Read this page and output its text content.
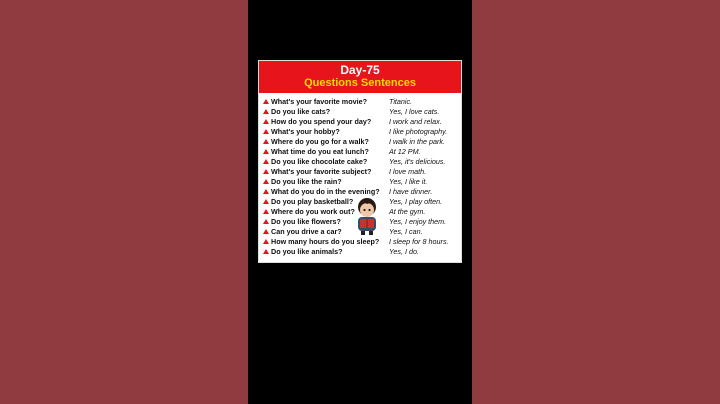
Day-75
Questions Sentences
What's your favorite movie?	Titanic.
Do you like cats?	Yes, I love cats.
How do you spend your day? I work and relax.
What's your hobby?	I like photography.
Where do you go for a walk?	I walk in the park.
What time do you eat lunch?	At 12 PM.
Do you like chocolate cake?	Yes, it's delicious.
What's your favorite subject? I love math.
Do you like the rain?	Yes, I like it.
What do you do in the evening? I have dinner.
Do you play basketball?	Yes, I play often.
Where do you work out?	At the gym.
Do you like flowers?	Yes, I enjoy them.
Can you drive a car?	Yes, I can.
How many hours do you sleep? I sleep for 8 hours.
Do you like animals?	Yes, I do.
